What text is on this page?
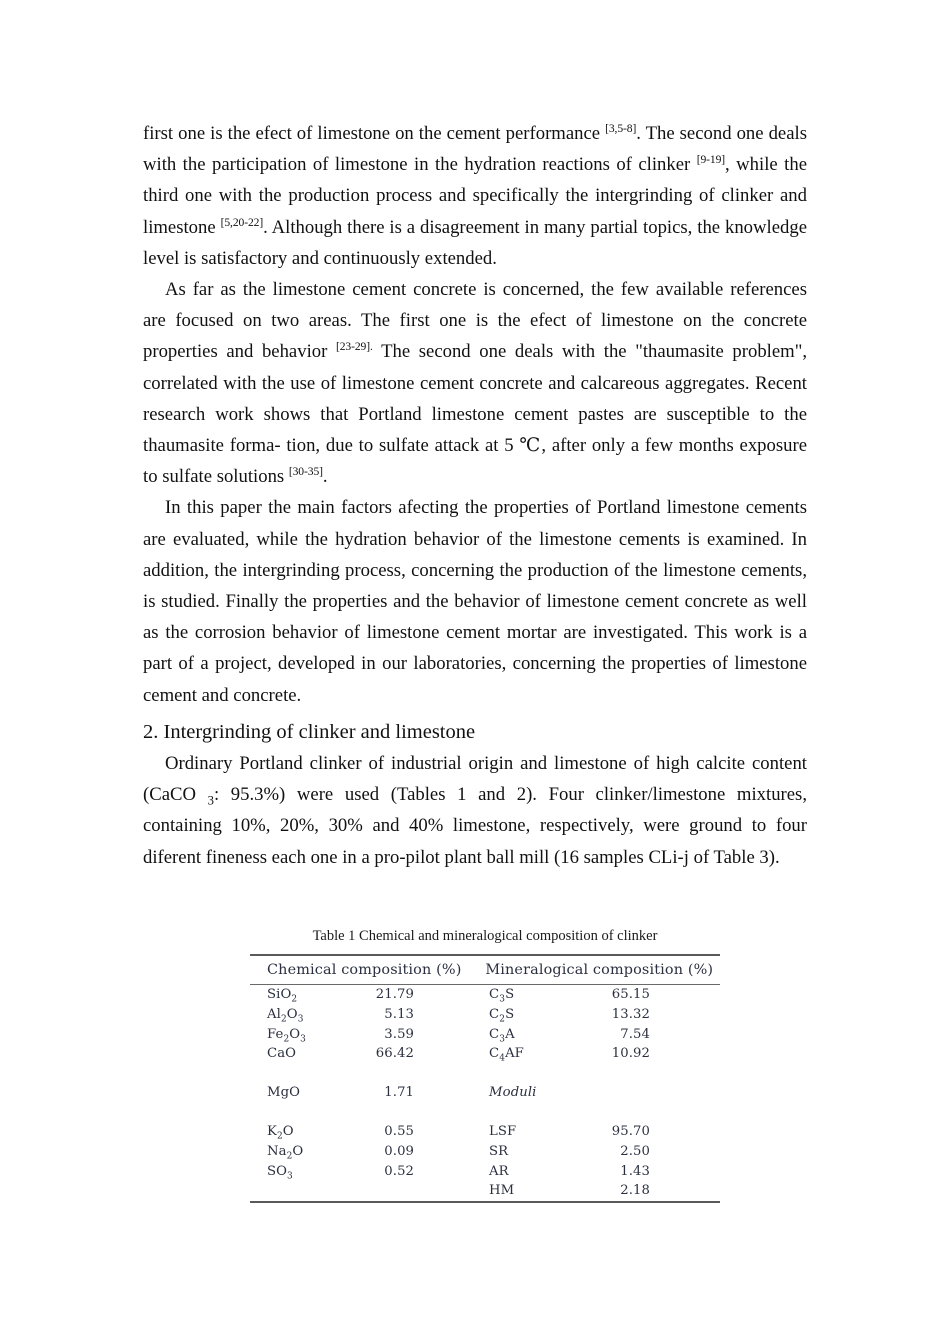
first one is the efect of limestone on the cement performance [3,5-8]. The second one deals with the participation of limestone in the hydration reactions of clinker [9-19], while the third one with the production process and specifically the intergrinding of clinker and limestone [5,20-22]. Although there is a disagreement in many partial topics, the knowledge level is satisfactory and continuously extended.

As far as the limestone cement concrete is concerned, the few available references are focused on two areas. The first one is the efect of limestone on the concrete properties and behavior $^{[23-29].}$ The second one deals with the "thaumasite problem", correlated with the use of limestone cement concrete and calcareous aggregates. Recent research work shows that Portland limestone cement pastes are susceptible to the thaumasite forma- tion, due to sulfate attack at 5 ℃, after only a few months exposure to sulfate solutions [30-35].

In this paper the main factors afecting the properties of Portland limestone cements are evaluated, while the hydration behavior of the limestone cements is examined. In addition, the intergrinding process, concerning the production of the limestone cements, is studied. Finally the properties and the behavior of limestone cement concrete as well as the corrosion behavior of limestone cement mortar are investigated. This work is a part of a project, developed in our laboratories, concerning the properties of limestone cement and concrete.

2. Intergrinding of clinker and limestone

Ordinary Portland clinker of industrial origin and limestone of high calcite content (CaCO $_3$: 95.3%) were used (Tables 1 and 2). Four clinker/limestone mixtures, containing 10%, 20%, 30% and 40% limestone, respectively, were ground to four diferent fineness each one in a pro-pilot plant ball mill (16 samples CLi-j of Table 3).

Table 1 Chemical and mineralogical composition of clinker
Chemical composition (%)	Mineralogical composition (%)
SiO$_2$	21.79	$C_3S$	65.15
$Al_2O_3$	5.13	$C_2S$	13.32
$Fe_2O_3$	3.59	$C_3A$	7.54
CaO	66.42	$C_4AF$	10.92

MgO	1.71	Moduli	

$K_2O$	0.55	LSF	95.70
$Na_2O$	0.09	SR	2.50
$SO_3$	0.52	AR	1.43
		HM	2.18
